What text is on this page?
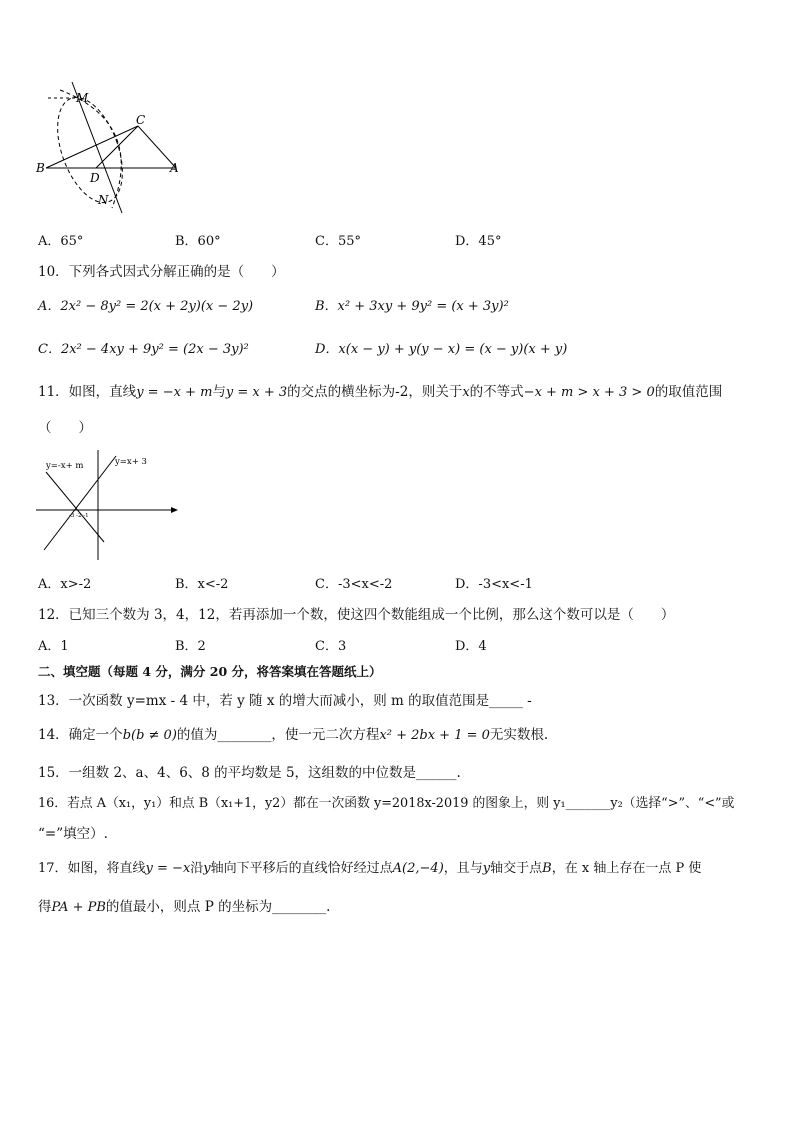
M
C
B
D
A
N
A．65°	B．60°	C．55°	D．45°
10．下列各式因式分解正确的是（　　）
A．2x² − 8y² = 2(x + 2y)(x − 2y)	B．x² + 3xy + 9y² = (x + 3y)²
C．2x² − 4xy + 9y² = (2x − 3y)²	D．x(x − y) + y(y − x) = (x − y)(x + y)
11．如图，直线y = −x + m与y = x + 3的交点的横坐标为-2，则关于x的不等式−x + m > x + 3 > 0的取值范围
（　　）
y=-x+ m	y=x+ 3
-3 -2 -1
A．x>-2	B．x<-2	C．-3<x<-2	D．-3<x<-1
12．已知三个数为 3，4，12，若再添加一个数，使这四个数能组成一个比例，那么这个数可以是（　　）
A．1	B．2	C．3	D．4
二、填空题（每题 4 分，满分 20 分，将答案填在答题纸上）
13．一次函数 y=mx - 4 中，若 y 随 x 的增大而减小，则 m 的取值范围是_____ -
14．确定一个b(b ≠ 0)的值为________，使一元二次方程x² + 2bx + 1 = 0无实数根.
15．一组数 2、a、4、6、8 的平均数是 5，这组数的中位数是______.
16．若点 A（x₁，y₁）和点 B（x₁+1，y2）都在一次函数 y=2018x-2019 的图象上，则 y₁_______y₂（选择“>”、“<”或
“=”填空）.
17．如图，将直线y = −x沿y轴向下平移后的直线恰好经过点A(2,−4)，且与y轴交于点B，在 x 轴上存在一点 P 使
得PA + PB的值最小，则点 P 的坐标为________.
